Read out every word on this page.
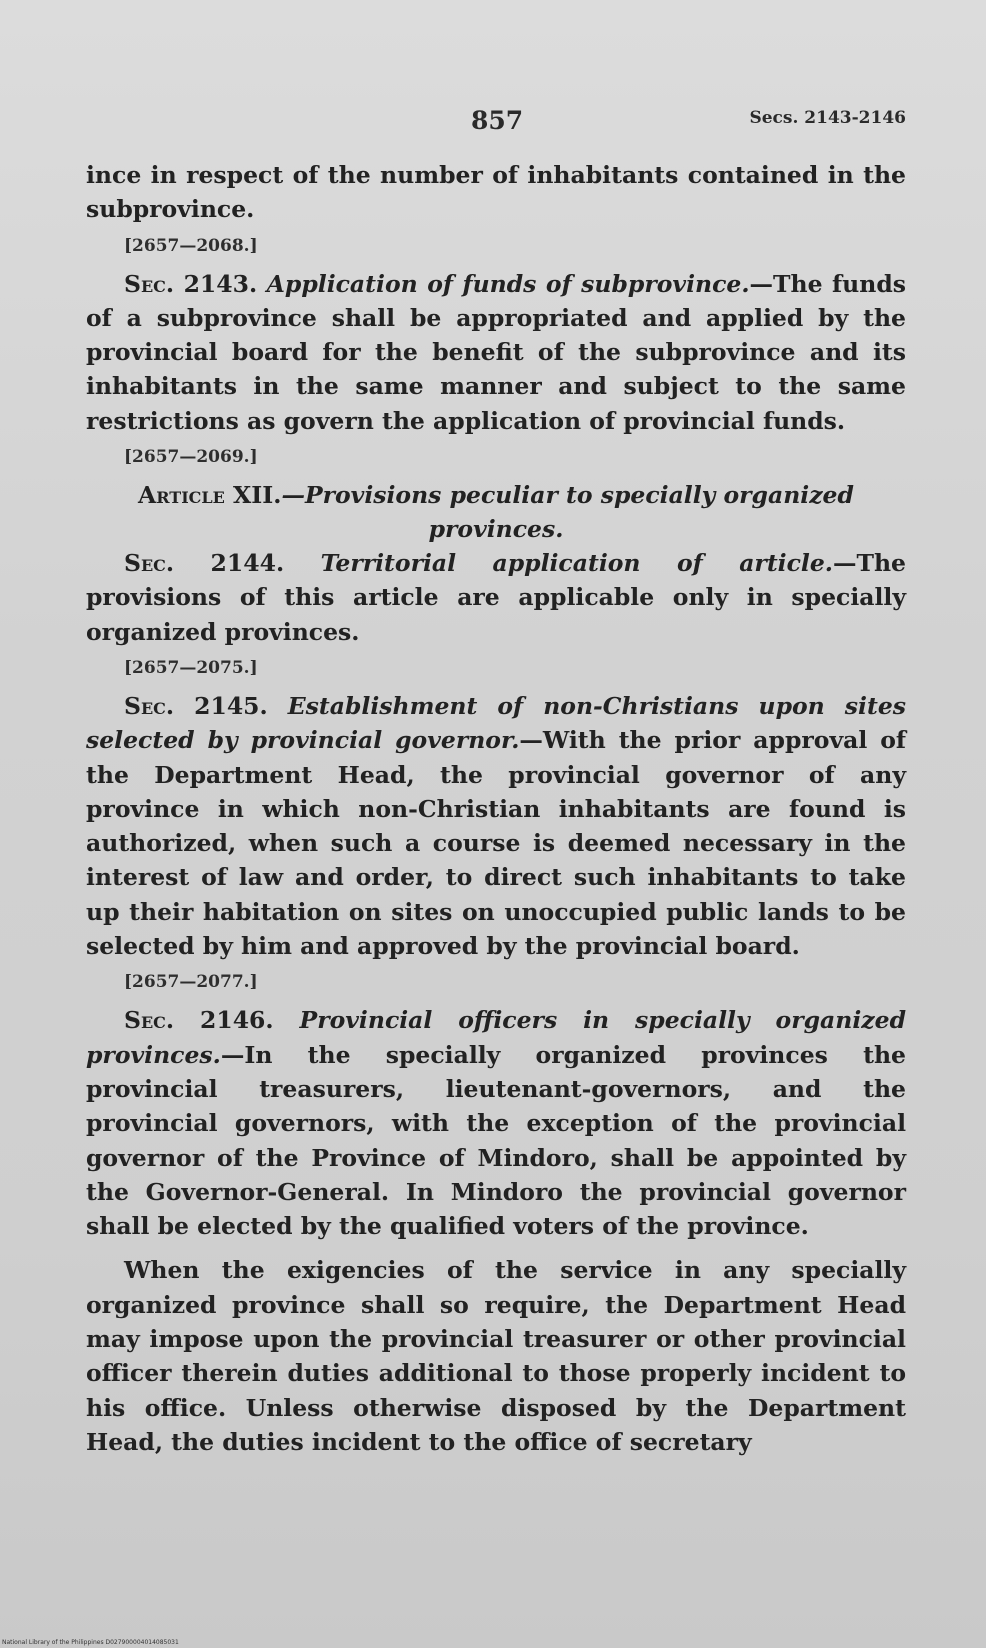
857	Secs. 2143-2146

ince in respect of the number of inhabitants contained in the subprovince.

[2657—2068.]

Sec. 2143. Application of funds of subprovince.—The funds of a subprovince shall be appropriated and applied by the provincial board for the benefit of the subprovince and its inhabitants in the same manner and subject to the same restrictions as govern the application of provincial funds.

[2657—2069.]

Article XII.—Provisions peculiar to specially organized provinces.

Sec. 2144. Territorial application of article.—The provisions of this article are applicable only in specially organized provinces.

[2657—2075.]

Sec. 2145. Establishment of non-Christians upon sites selected by provincial governor.—With the prior approval of the Department Head, the provincial governor of any province in which non-Christian inhabitants are found is authorized, when such a course is deemed necessary in the interest of law and order, to direct such inhabitants to take up their habitation on sites on unoccupied public lands to be selected by him and approved by the provincial board.

[2657—2077.]

Sec. 2146. Provincial officers in specially organized provinces.—In the specially organized provinces the provincial treasurers, lieutenant-governors, and the provincial governors, with the exception of the provincial governor of the Province of Mindoro, shall be appointed by the Governor-General. In Mindoro the provincial governor shall be elected by the qualified voters of the province.

When the exigencies of the service in any specially organized province shall so require, the Department Head may impose upon the provincial treasurer or other provincial officer therein duties additional to those properly incident to his office. Unless otherwise disposed by the Department Head, the duties incident to the office of secretary

National Library of the Philippines D027900004014085031
